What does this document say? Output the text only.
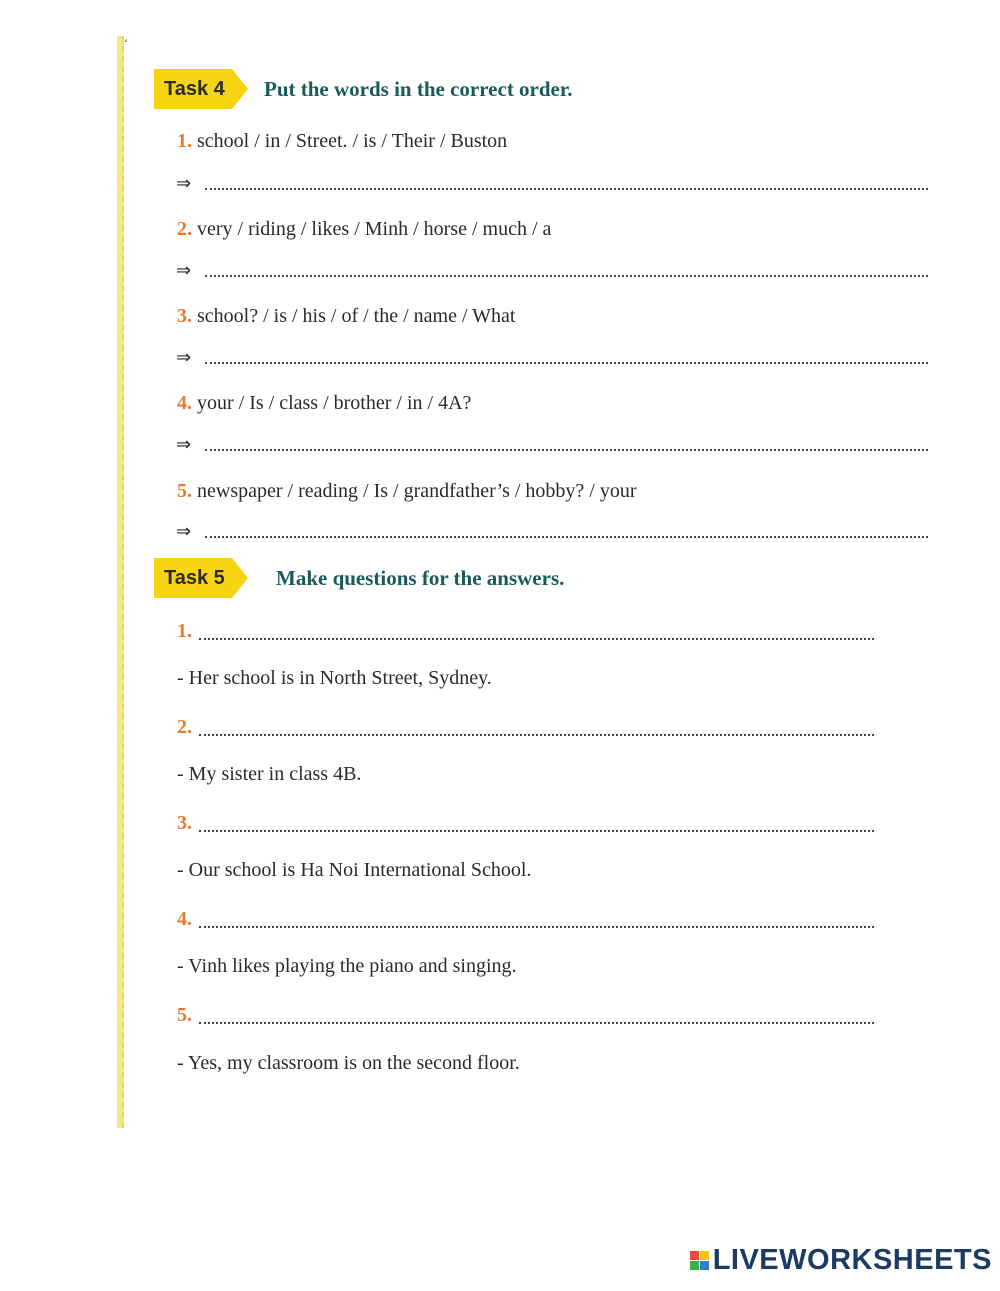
‘
Task 4	Put the words in the correct order.
1. school / in / Street. / is / Their / Buston
⇒
2. very / riding / likes / Minh / horse / much / a
⇒
3. school? / is / his / of / the / name / What
⇒
4. your / Is / class / brother / in / 4A?
⇒
5. newspaper / reading / Is / grandfather’s / hobby? / your
⇒
Task 5	Make questions for the answers.
1.
- Her school is in North Street, Sydney.
2.
- My sister in class 4B.
3.
- Our school is Ha Noi International School.
4.
- Vinh likes playing the piano and singing.
5.
- Yes, my classroom is on the second floor.
LIVEWORKSHEETS
